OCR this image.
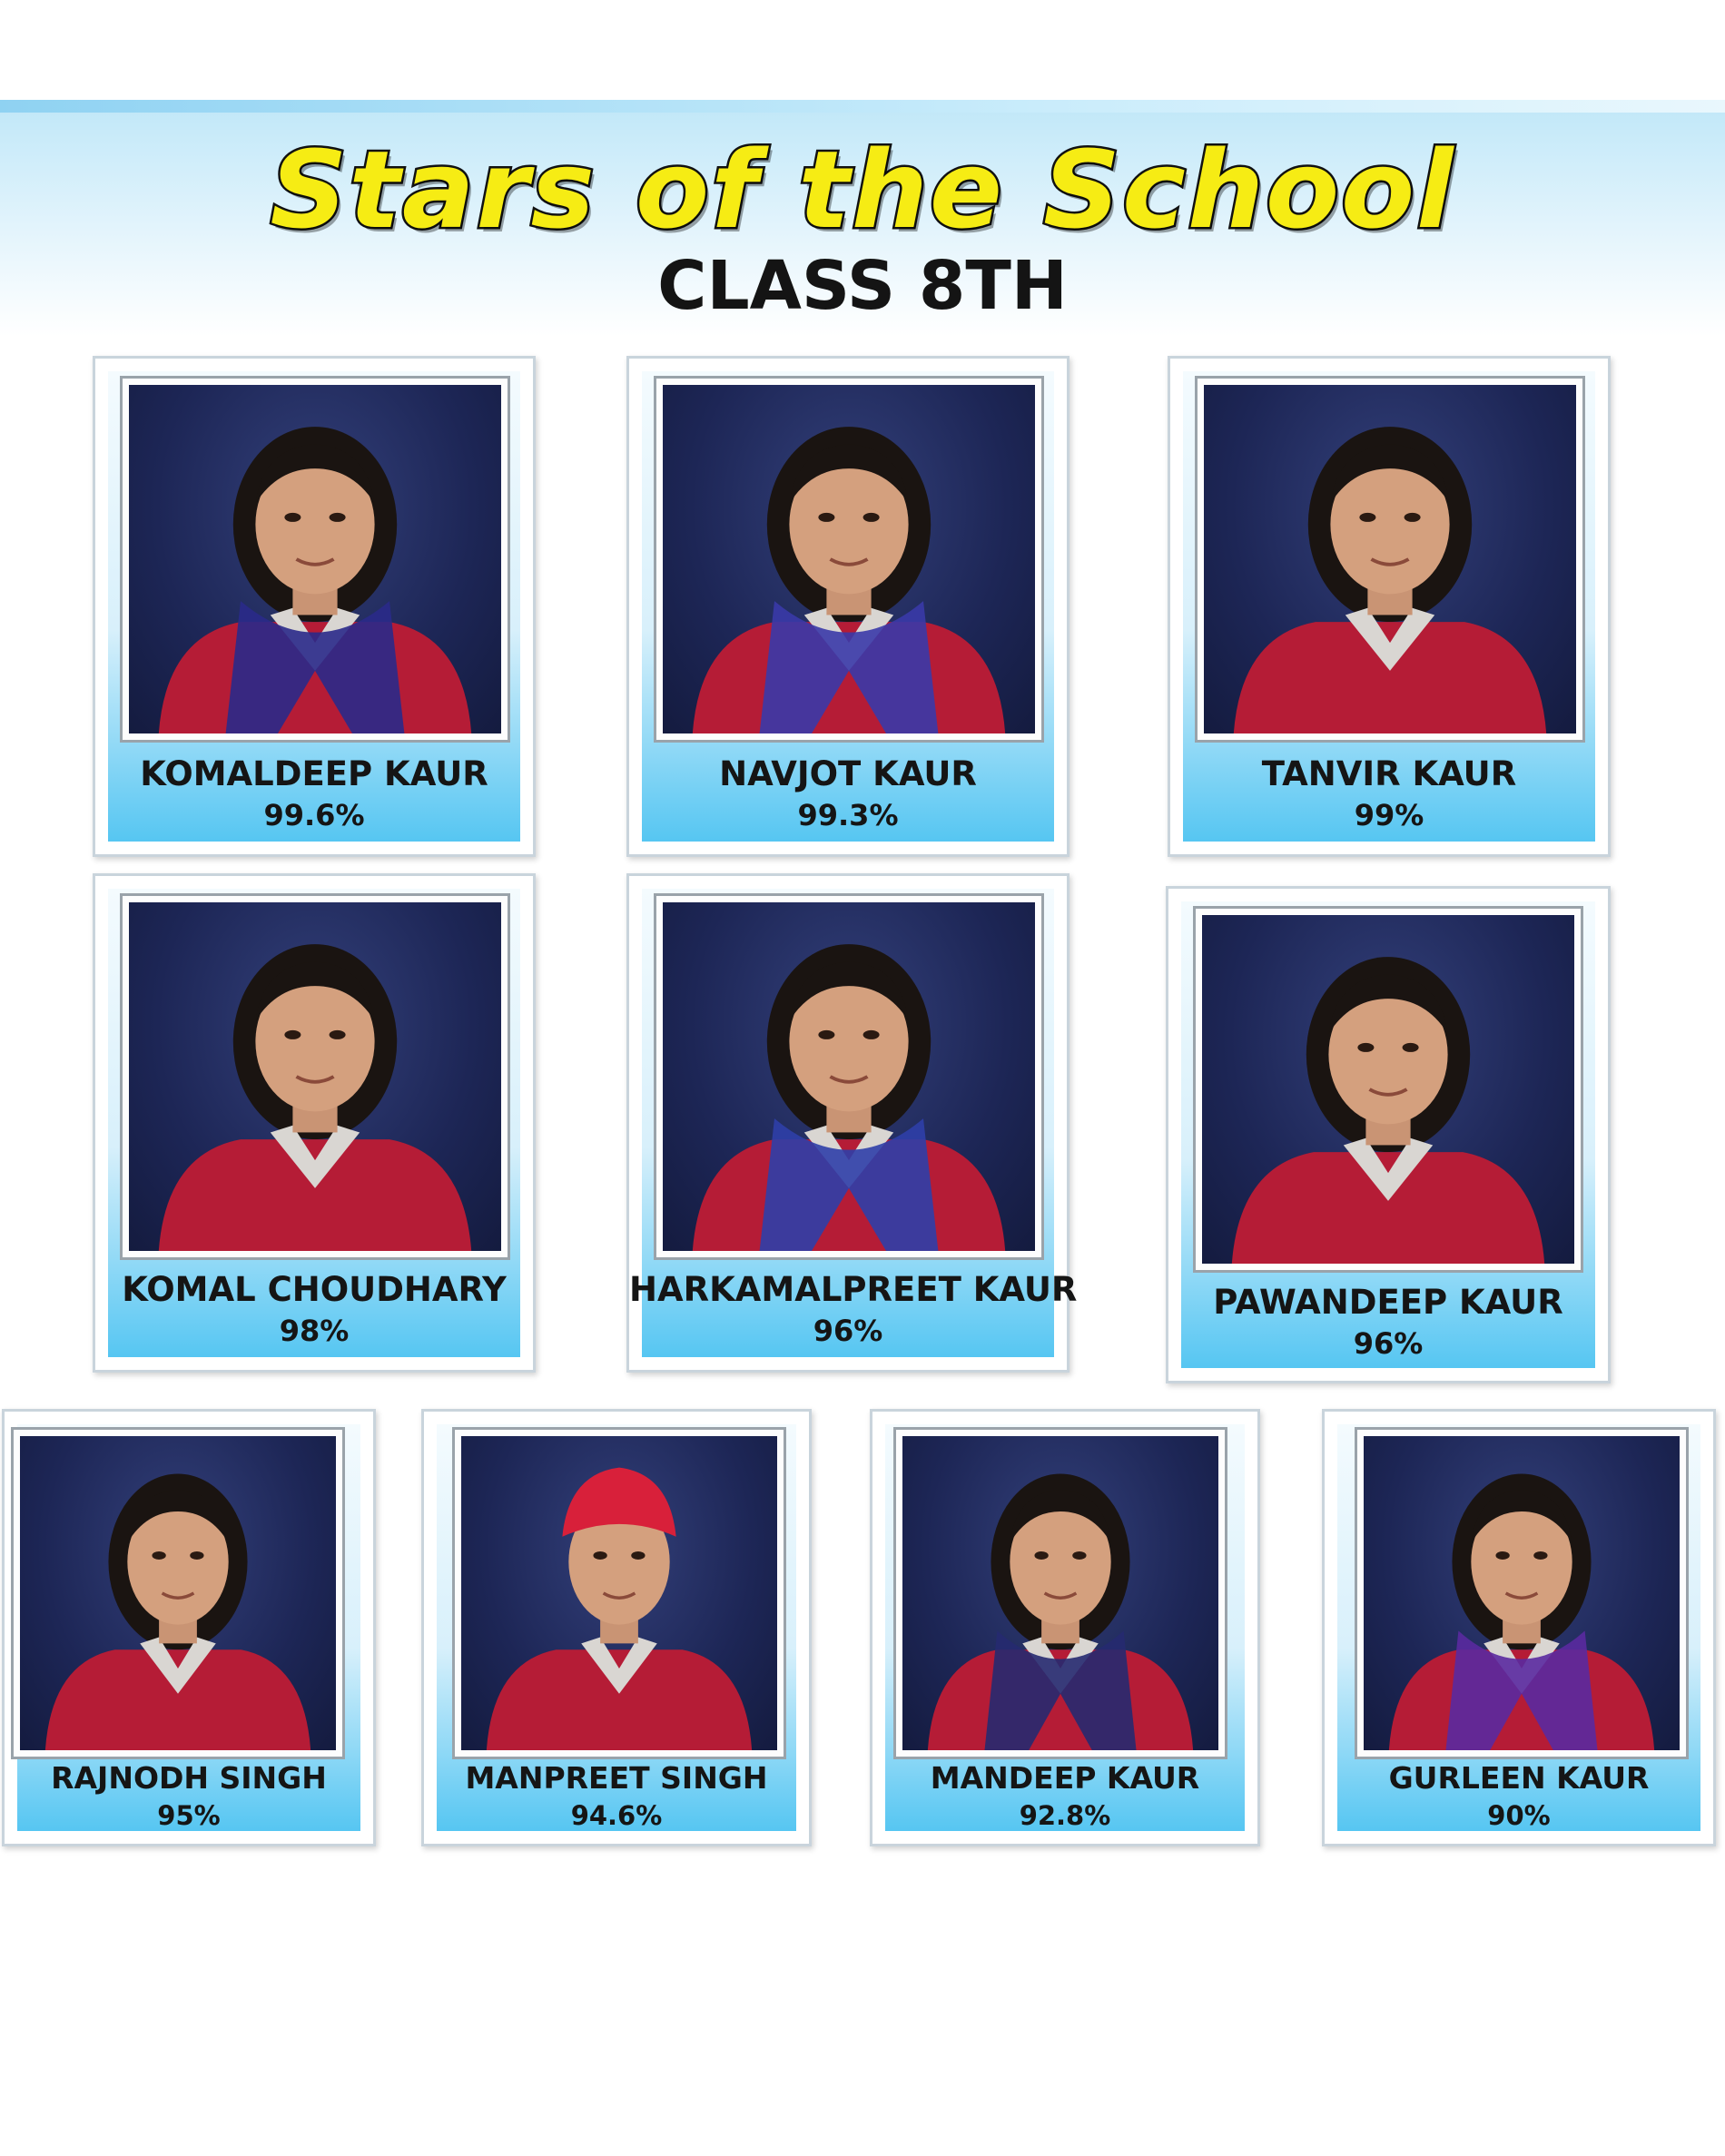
Stars of the School
CLASS 8TH
KOMALDEEP KAUR
99.6%
NAVJOT KAUR
99.3%
TANVIR KAUR
99%
KOMAL CHOUDHARY
98%
HARKAMALPREET KAUR
96%
PAWANDEEP KAUR
96%
RAJNODH SINGH
95%
MANPREET SINGH
94.6%
MANDEEP KAUR
92.8%
GURLEEN KAUR
90%
